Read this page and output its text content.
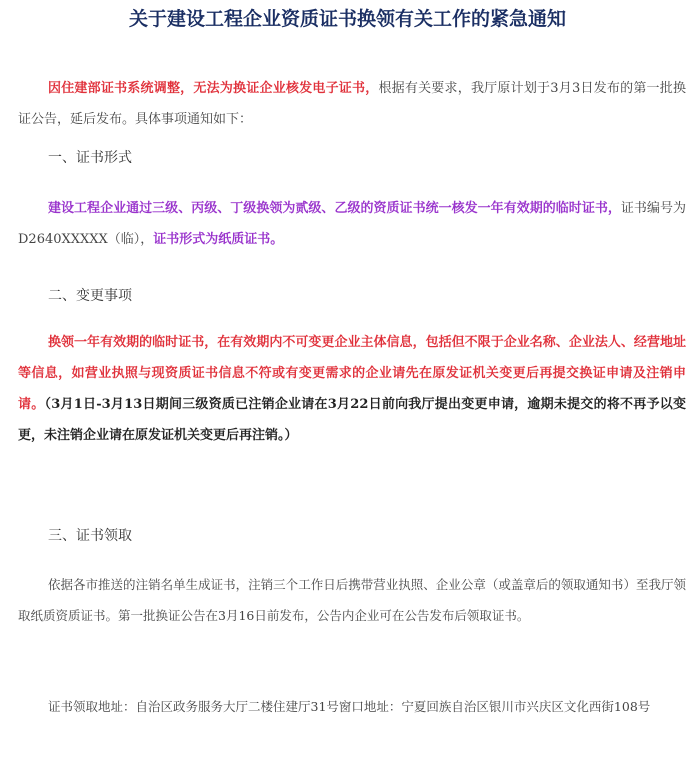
关于建设工程企业资质证书换领有关工作的紧急通知
因住建部证书系统调整，无法为换证企业核发电子证书，根据有关要求，我厅原计划于3月3日发布的第一批换证公告，延后发布。具体事项通知如下：
一、证书形式
建设工程企业通过三级、丙级、丁级换领为贰级、乙级的资质证书统一核发一年有效期的临时证书，证书编号为D2640XXXXX（临），证书形式为纸质证书。
二、变更事项
换领一年有效期的临时证书，在有效期内不可变更企业主体信息，包括但不限于企业名称、企业法人、经营地址等信息，如营业执照与现资质证书信息不符或有变更需求的企业请先在原发证机关变更后再提交换证申请及注销申请。（3月1日-3月13日期间三级资质已注销企业请在3月22日前向我厅提出变更申请，逾期未提交的将不再予以变更，未注销企业请在原发证机关变更后再注销。）
三、证书领取
依据各市推送的注销名单生成证书，注销三个工作日后携带营业执照、企业公章（或盖章后的领取通知书）至我厅领取纸质资质证书。第一批换证公告在3月16日前发布，公告内企业可在公告发布后领取证书。
证书领取地址：自治区政务服务大厅二楼住建厅31号窗口地址：宁夏回族自治区银川市兴庆区文化西街108号
